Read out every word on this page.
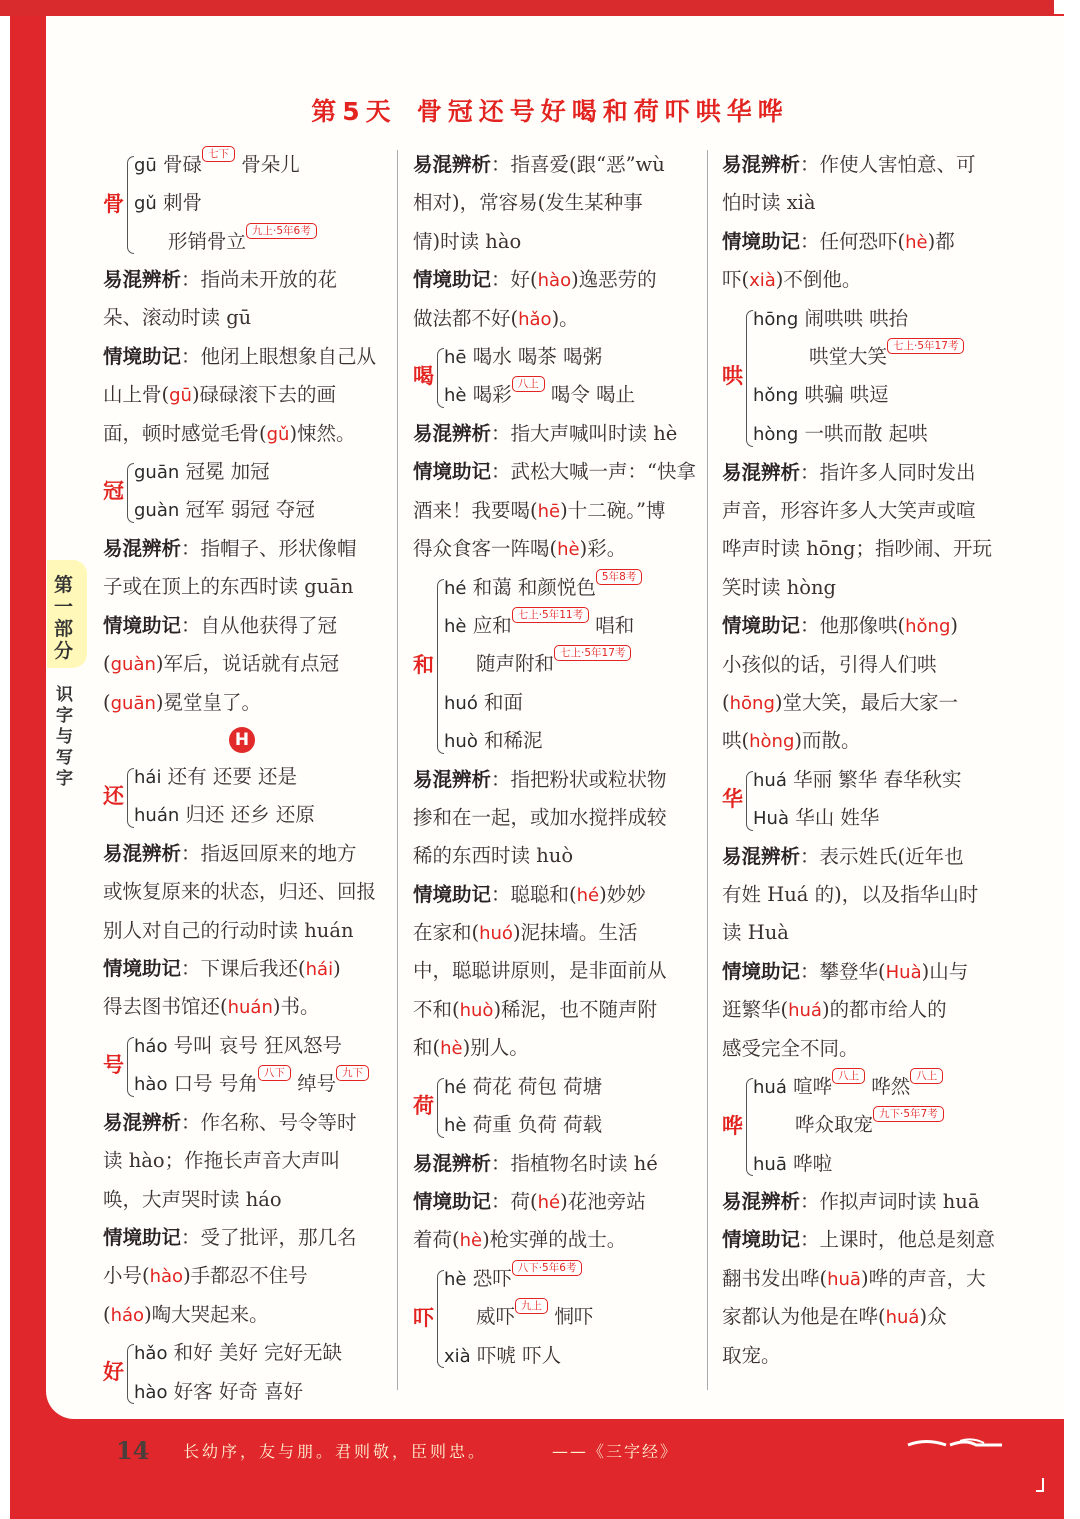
第5天 骨冠还号好喝和荷吓哄华哗
第
一
部
分
识
字
与
写
字
骨
gū 骨碌 七下 骨朵儿
gǔ 刺骨
形销骨立 九上·5年6考
易混辨析：指尚未开放的花
朵、滚动时读 gū
情境助记：他闭上眼想象自己从
山上骨(gū)碌碌滚下去的画
面，顿时感觉毛骨(gǔ)悚然。
冠
guān 冠冕 加冠
guàn 冠军 弱冠 夺冠
易混辨析：指帽子、形状像帽
子或在顶上的东西时读 guān
情境助记：自从他获得了冠
(guàn)军后，说话就有点冠
(guān)冕堂皇了。
H
还
hái 还有 还要 还是
huán 归还 还乡 还原
易混辨析：指返回原来的地方
或恢复原来的状态，归还、回报
别人对自己的行动时读 huán
情境助记：下课后我还(hái)
得去图书馆还(huán)书。
号
háo 号叫 哀号 狂风怒号
hào 口号 号角 八下 绰号 九下
易混辨析：作名称、号令等时
读 hào；作拖长声音大声叫
唤，大声哭时读 háo
情境助记：受了批评，那几名
小号(hào)手都忍不住号
(háo)啕大哭起来。
好
hǎo 和好 美好 完好无缺
hào 好客 好奇 喜好
易混辨析：指喜爱(跟“恶”wù
相对)，常容易(发生某种事
情)时读 hào
情境助记：好(hào)逸恶劳的
做法都不好(hǎo)。
喝
hē 喝水 喝茶 喝粥
hè 喝彩 八上 喝令 喝止
易混辨析：指大声喊叫时读 hè
情境助记：武松大喊一声：“快拿
酒来！我要喝(hē)十二碗。”博
得众食客一阵喝(hè)彩。
和
hé 和蔼 和颜悦色 5年8考
hè 应和 七上·5年11考 唱和
随声附和 七上·5年17考
huó 和面
huò 和稀泥
易混辨析：指把粉状或粒状物
掺和在一起，或加水搅拌成较
稀的东西时读 huò
情境助记：聪聪和(hé)妙妙
在家和(huó)泥抹墙。生活
中，聪聪讲原则，是非面前从
不和(huò)稀泥，也不随声附
和(hè)别人。
荷
hé 荷花 荷包 荷塘
hè 荷重 负荷 荷载
易混辨析：指植物名时读 hé
情境助记：荷(hé)花池旁站
着荷(hè)枪实弹的战士。
吓
hè 恐吓 八下·5年6考
威吓 九上 恫吓
xià 吓唬 吓人
易混辨析：作使人害怕意、可
怕时读 xià
情境助记：任何恐吓(hè)都
吓(xià)不倒他。
哄
hōng 闹哄哄 哄抬
哄堂大笑 七上·5年17考
hǒng 哄骗 哄逗
hòng 一哄而散 起哄
易混辨析：指许多人同时发出
声音，形容许多人大笑声或喧
哗声时读 hōng；指吵闹、开玩
笑时读 hòng
情境助记：他那像哄(hǒng)
小孩似的话，引得人们哄
(hōng)堂大笑，最后大家一
哄(hòng)而散。
华
huá 华丽 繁华 春华秋实
Huà 华山 姓华
易混辨析：表示姓氏(近年也
有姓 Huá 的)，以及指华山时
读 Huà
情境助记：攀登华(Huà)山与
逛繁华(huá)的都市给人的
感受完全不同。
哗
huá 喧哗 八上 哗然 八上
哗众取宠 九下·5年7考
huā 哗啦
易混辨析：作拟声词时读 huā
情境助记：上课时，他总是刻意
翻书发出哗(huā)哗的声音，大
家都认为他是在哗(huá)众
取宠。
14 长幼序，友与朋。君则敬，臣则忠。	——《三字经》
